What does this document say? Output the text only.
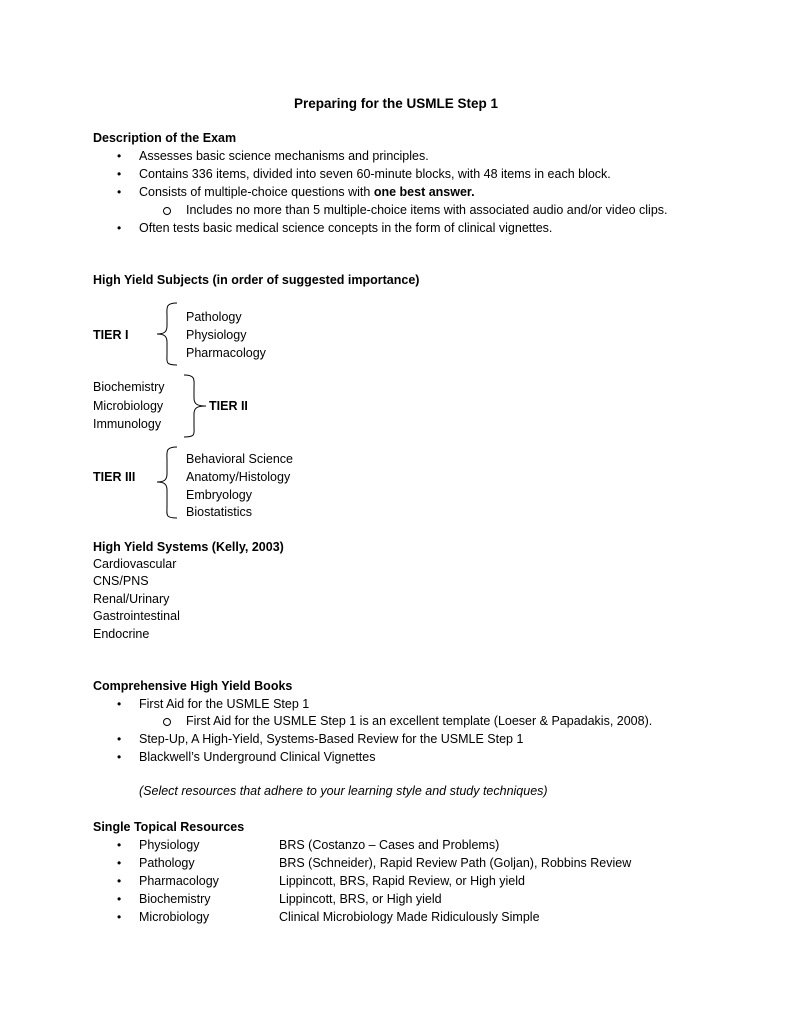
Preparing for the USMLE Step 1
Description of the Exam
• Assesses basic science mechanisms and principles.
• Contains 336 items, divided into seven 60-minute blocks, with 48 items in each block.
• Consists of multiple-choice questions with one best answer.
Includes no more than 5 multiple-choice items with associated audio and/or video clips.
• Often tests basic medical science concepts in the form of clinical vignettes.
High Yield Subjects (in order of suggested importance)
TIER I
Pathology
Physiology
Pharmacology
Biochemistry
Microbiology
Immunology
TIER II
TIER III
Behavioral Science
Anatomy/Histology
Embryology
Biostatistics
High Yield Systems (Kelly, 2003)
Cardiovascular
CNS/PNS
Renal/Urinary
Gastrointestinal
Endocrine
Comprehensive High Yield Books
• First Aid for the USMLE Step 1
First Aid for the USMLE Step 1 is an excellent template (Loeser & Papadakis, 2008).
• Step-Up, A High-Yield, Systems-Based Review for the USMLE Step 1
• Blackwell’s Underground Clinical Vignettes
(Select resources that adhere to your learning style and study techniques)
Single Topical Resources
• Physiology	BRS (Costanzo – Cases and Problems)
• Pathology	BRS (Schneider), Rapid Review Path (Goljan), Robbins Review
• Pharmacology	Lippincott, BRS, Rapid Review, or High yield
• Biochemistry	Lippincott, BRS, or High yield
• Microbiology	Clinical Microbiology Made Ridiculously Simple
